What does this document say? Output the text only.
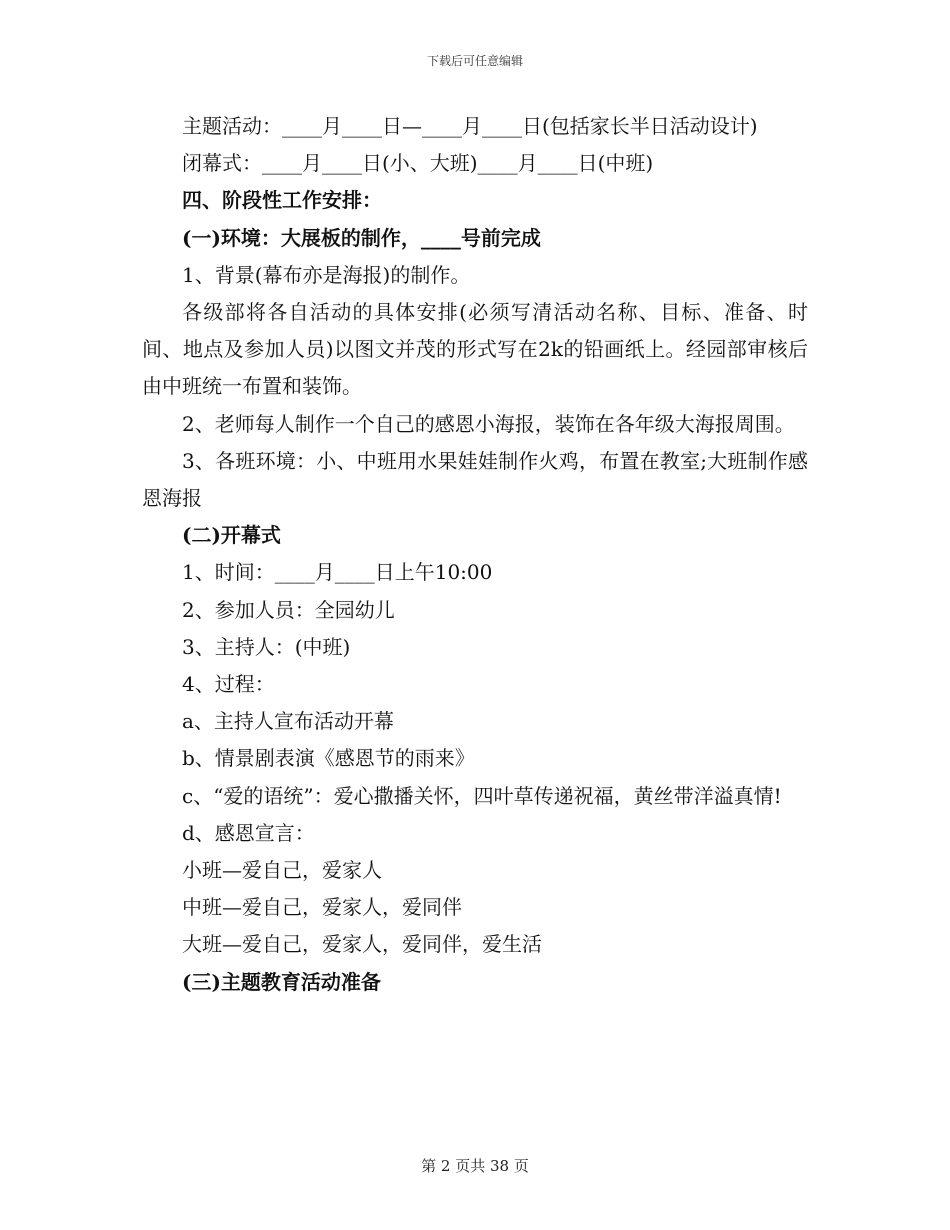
下载后可任意编辑

主题活动：____月____日—____月____日(包括家长半日活动设计)

闭幕式：____月____日(小、大班)____月____日(中班)

四、阶段性工作安排：

(一)环境：大展板的制作，____号前完成

1、背景(幕布亦是海报)的制作。

各级部将各自活动的具体安排(必须写清活动名称、目标、准备、时间、地点及参加人员)以图文并茂的形式写在2k的铅画纸上。经园部审核后由中班统一布置和装饰。

2、老师每人制作一个自己的感恩小海报，装饰在各年级大海报周围。

3、各班环境：小、中班用水果娃娃制作火鸡，布置在教室;大班制作感恩海报

(二)开幕式

1、时间：____月____日上午10:00

2、参加人员：全园幼儿

3、主持人：(中班)

4、过程：

a、主持人宣布活动开幕

b、情景剧表演《感恩节的雨来》

c、“爱的语统”：爱心撒播关怀，四叶草传递祝福，黄丝带洋溢真情!

d、感恩宣言：

小班—爱自己，爱家人

中班—爱自己，爱家人，爱同伴

大班—爱自己，爱家人，爱同伴，爱生活

(三)主题教育活动准备

第 2 页共 38 页
